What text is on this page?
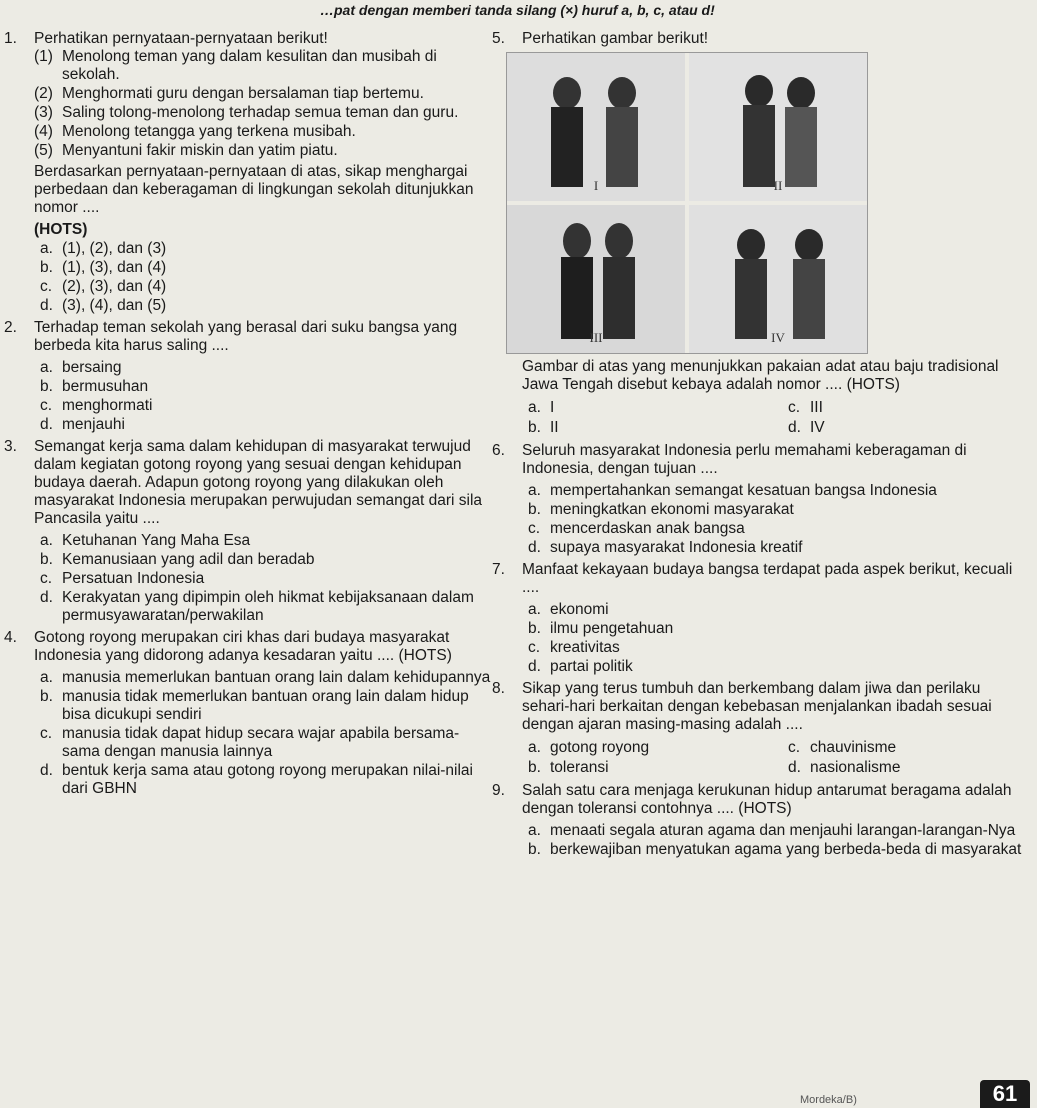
…pat dengan memberi tanda silang (×) huruf a, b, c, atau d!
1.	Perhatikan pernyataan-pernyataan berikut!
(1) Menolong teman yang dalam kesulitan dan musibah di sekolah.
(2) Menghormati guru dengan bersalaman tiap bertemu.
(3) Saling tolong-menolong terhadap semua teman dan guru.
(4) Menolong tetangga yang terkena musibah.
(5) Menyantuni fakir miskin dan yatim piatu.
Berdasarkan pernyataan-pernyataan di atas, sikap menghargai perbedaan dan keberagaman di lingkungan sekolah ditunjukkan nomor ....
(HOTS)
a. (1), (2), dan (3)
b. (1), (3), dan (4)
c. (2), (3), dan (4)
d. (3), (4), dan (5)
2.	Terhadap teman sekolah yang berasal dari suku bangsa yang berbeda kita harus saling ....
a. bersaing
b. bermusuhan
c. menghormati
d. menjauhi
3.	Semangat kerja sama dalam kehidupan di masyarakat terwujud dalam kegiatan gotong royong yang sesuai dengan kehidupan budaya daerah. Adapun gotong royong yang dilakukan oleh masyarakat Indonesia merupakan perwujudan semangat dari sila Pancasila yaitu ....
a. Ketuhanan Yang Maha Esa
b. Kemanusiaan yang adil dan beradab
c. Persatuan Indonesia
d. Kerakyatan yang dipimpin oleh hikmat kebijaksanaan dalam permusyawaratan/perwakilan
4.	Gotong royong merupakan ciri khas dari budaya masyarakat Indonesia yang didorong adanya kesadaran yaitu .... (HOTS)
a. manusia memerlukan bantuan orang lain dalam kehidupannya
b. manusia tidak memerlukan bantuan orang lain dalam hidup bisa dicukupi sendiri
c. manusia tidak dapat hidup secara wajar apabila bersama-sama dengan manusia lainnya
d. bentuk kerja sama atau gotong royong merupakan nilai-nilai dari GBHN
5.	Perhatikan gambar berikut!
I	II
III	IV
Gambar di atas yang menunjukkan pakaian adat atau baju tradisional Jawa Tengah disebut kebaya adalah nomor .... (HOTS)
a. I	c. III
b. II	d. IV
6.	Seluruh masyarakat Indonesia perlu memahami keberagaman di Indonesia, dengan tujuan ....
a. mempertahankan semangat kesatuan bangsa Indonesia
b. meningkatkan ekonomi masyarakat
c. mencerdaskan anak bangsa
d. supaya masyarakat Indonesia kreatif
7.	Manfaat kekayaan budaya bangsa terdapat pada aspek berikut, kecuali ....
a. ekonomi
b. ilmu pengetahuan
c. kreativitas
d. partai politik
8.	Sikap yang terus tumbuh dan berkembang dalam jiwa dan perilaku sehari-hari berkaitan dengan kebebasan menjalankan ibadah sesuai dengan ajaran masing-masing adalah ....
a. gotong royong	c. chauvinisme
b. toleransi	d. nasionalisme
9.	Salah satu cara menjaga kerukunan hidup antarumat beragama adalah dengan toleransi contohnya .... (HOTS)
a. menaati segala aturan agama dan menjauhi larangan-larangan-Nya
b. berkewajiban menyatukan agama yang berbeda-beda di masyarakat
Mordeka/B)	61
